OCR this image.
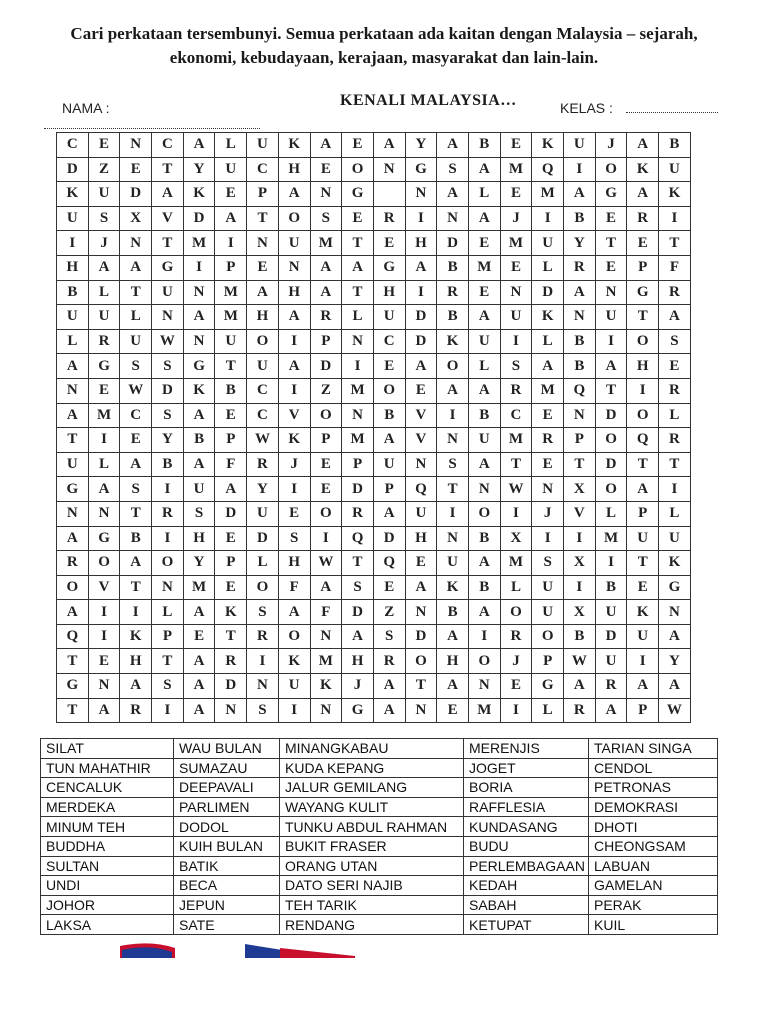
Cari perkataan tersembunyi. Semua perkataan ada kaitan dengan Malaysia – sejarah,
ekonomi, kebudayaan, kerajaan, masyarakat dan lain-lain.
NAMA :	KENALI MALAYSIA…	KELAS :
C	E	N	C	A	L	U	K	A	E	A	Y	A	B	E	K	U	J	A	B
D	Z	E	T	Y	U	C	H	E	O	N	G	S	A	M	Q	I	O	K	U
K	U	D	A	K	E	P	A	N	G		N	A	L	E	M	A	G	A	K
U	S	X	V	D	A	T	O	S	E	R	I	N	A	J	I	B	E	R	I
I	J	N	T	M	I	N	U	M	T	E	H	D	E	M	U	Y	T	E	T
H	A	A	G	I	P	E	N	A	A	G	A	B	M	E	L	R	E	P	F
B	L	T	U	N	M	A	H	A	T	H	I	R	E	N	D	A	N	G	R
U	U	L	N	A	M	H	A	R	L	U	D	B	A	U	K	N	U	T	A
L	R	U	W	N	U	O	I	P	N	C	D	K	U	I	L	B	I	O	S
A	G	S	S	G	T	U	A	D	I	E	A	O	L	S	A	B	A	H	E
N	E	W	D	K	B	C	I	Z	M	O	E	A	A	R	M	Q	T	I	R
A	M	C	S	A	E	C	V	O	N	B	V	I	B	C	E	N	D	O	L
T	I	E	Y	B	P	W	K	P	M	A	V	N	U	M	R	P	O	Q	R
U	L	A	B	A	F	R	J	E	P	U	N	S	A	T	E	T	D	T	T
G	A	S	I	U	A	Y	I	E	D	P	Q	T	N	W	N	X	O	A	I
N	N	T	R	S	D	U	E	O	R	A	U	I	O	I	J	V	L	P	L
A	G	B	I	H	E	D	S	I	Q	D	H	N	B	X	I	I	M	U	U
R	O	A	O	Y	P	L	H	W	T	Q	E	U	A	M	S	X	I	T	K
O	V	T	N	M	E	O	F	A	S	E	A	K	B	L	U	I	B	E	G
A	I	I	L	A	K	S	A	F	D	Z	N	B	A	O	U	X	U	K	N
Q	I	K	P	E	T	R	O	N	A	S	D	A	I	R	O	B	D	U	A
T	E	H	T	A	R	I	K	M	H	R	O	H	O	J	P	W	U	I	Y
G	N	A	S	A	D	N	U	K	J	A	T	A	N	E	G	A	R	A	A
T	A	R	I	A	N	S	I	N	G	A	N	E	M	I	L	R	A	P	W
SILAT	WAU BULAN	MINANGKABAU	MERENJIS	TARIAN SINGA
TUN MAHATHIR	SUMAZAU	KUDA KEPANG	JOGET	CENDOL
CENCALUK	DEEPAVALI	JALUR GEMILANG	BORIA	PETRONAS
MERDEKA	PARLIMEN	WAYANG KULIT	RAFFLESIA	DEMOKRASI
MINUM TEH	DODOL	TUNKU ABDUL RAHMAN	KUNDASANG	DHOTI
BUDDHA	KUIH BULAN	BUKIT FRASER	BUDU	CHEONGSAM
SULTAN	BATIK	ORANG UTAN	PERLEMBAGAAN	LABUAN
UNDI	BECA	DATO SERI NAJIB	KEDAH	GAMELAN
JOHOR	JEPUN	TEH TARIK	SABAH	PERAK
LAKSA	SATE	RENDANG	KETUPAT	KUIL
